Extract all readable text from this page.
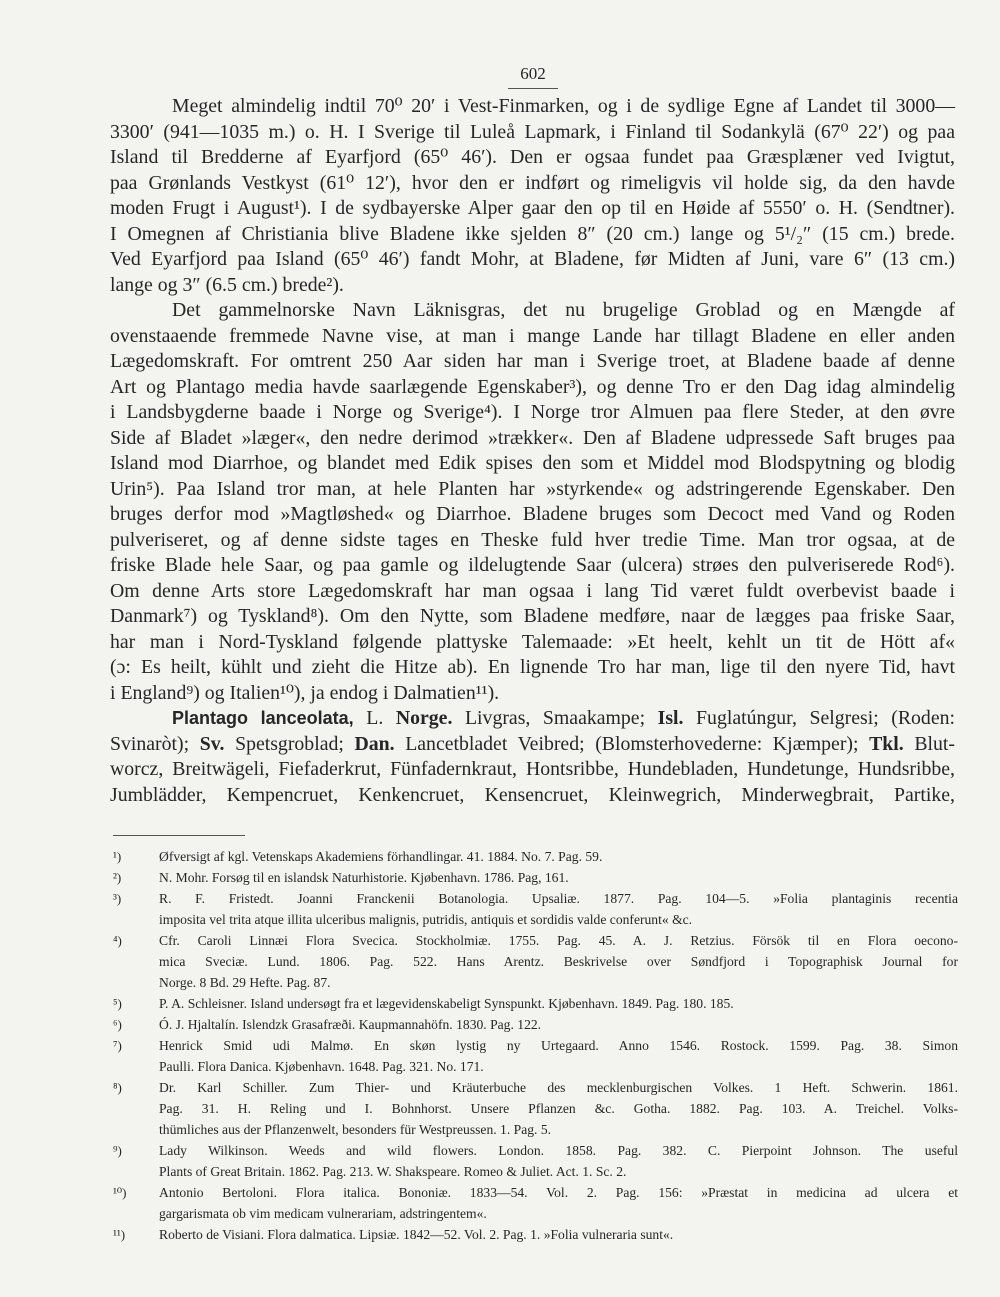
602
Meget almindelig indtil 70⁰ 20′ i Vest-Finmarken, og i de sydlige Egne af Landet til 3000—
3300′ (941—1035 m.) o. H. I Sverige til Luleå Lapmark, i Finland til Sodankylä (67⁰ 22′) og paa
Island til Bredderne af Eyarfjord (65⁰ 46′). Den er ogsaa fundet paa Græsplæner ved Ivigtut,
paa Grønlands Vestkyst (61⁰ 12′), hvor den er indført og rimeligvis vil holde sig, da den havde
moden Frugt i August¹). I de sydbayerske Alper gaar den op til en Høide af 5550′ o. H. (Sendtner).
I Omegnen af Christiania blive Bladene ikke sjelden 8″ (20 cm.) lange og 5¹/₂″ (15 cm.) brede.
Ved Eyarfjord paa Island (65⁰ 46′) fandt Mohr, at Bladene, før Midten af Juni, vare 6″ (13 cm.)
lange og 3″ (6.5 cm.) brede²).
Det gammelnorske Navn Läknisgras, det nu brugelige Groblad og en Mængde af
ovenstaaende fremmede Navne vise, at man i mange Lande har tillagt Bladene en eller anden
Lægedomskraft. For omtrent 250 Aar siden har man i Sverige troet, at Bladene baade af denne
Art og Plantago media havde saarlægende Egenskaber³), og denne Tro er den Dag idag almindelig
i Landsbygderne baade i Norge og Sverige⁴). I Norge tror Almuen paa flere Steder, at den øvre
Side af Bladet »læger«, den nedre derimod »trækker«. Den af Bladene udpressede Saft bruges paa
Island mod Diarrhoe, og blandet med Edik spises den som et Middel mod Blodspytning og blodig
Urin⁵). Paa Island tror man, at hele Planten har »styrkende« og adstringerende Egenskaber. Den
bruges derfor mod »Magtløshed« og Diarrhoe. Bladene bruges som Decoct med Vand og Roden
pulveriseret, og af denne sidste tages en Theske fuld hver tredie Time. Man tror ogsaa, at de
friske Blade hele Saar, og paa gamle og ildelugtende Saar (ulcera) strøes den pulveriserede Rod⁶).
Om denne Arts store Lægedomskraft har man ogsaa i lang Tid været fuldt overbevist baade i
Danmark⁷) og Tyskland⁸). Om den Nytte, som Bladene medføre, naar de lægges paa friske Saar,
har man i Nord-Tyskland følgende plattyske Talemaade: »Et heelt, kehlt un tit de Hött af«
(ɔ: Es heilt, kühlt und zieht die Hitze ab). En lignende Tro har man, lige til den nyere Tid, havt
i England⁹) og Italien¹⁰), ja endog i Dalmatien¹¹).
Plantago lanceolata, L. Norge. Livgras, Smaakampe; Isl. Fuglatúngur, Selgresi; (Roden:
Svinaròt); Sv. Spetsgroblad; Dan. Lancetbladet Veibred; (Blomsterhovederne: Kjæmper); Tkl. Blut-
worcz, Breitwägeli, Fiefaderkrut, Fünfadernkraut, Hontsribbe, Hundebladen, Hundetunge, Hundsribbe,
Jumblädder, Kempencruet, Kenkencruet, Kensencruet, Kleinwegrich, Minderwegbrait, Partike,
¹)	Øfversigt af kgl. Vetenskaps Akademiens förhandlingar. 41. 1884. No. 7. Pag. 59.
²)	N. Mohr. Forsøg til en islandsk Naturhistorie. Kjøbenhavn. 1786. Pag, 161.
³)	R. F. Fristedt. Joanni Franckenii Botanologia. Upsaliæ. 1877. Pag. 104—5. »Folia plantaginis recentia
imposita vel trita atque illita ulceribus malignis, putridis, antiquis et sordidis valde conferunt« &c.
⁴)	Cfr. Caroli Linnæi Flora Svecica. Stockholmiæ. 1755. Pag. 45. A. J. Retzius. Försök til en Flora oecono-
mica Sveciæ. Lund. 1806. Pag. 522. Hans Arentz. Beskrivelse over Søndfjord i Topographisk Journal for
Norge. 8 Bd. 29 Hefte. Pag. 87.
⁵)	P. A. Schleisner. Island undersøgt fra et lægevidenskabeligt Synspunkt. Kjøbenhavn. 1849. Pag. 180. 185.
⁶)	Ó. J. Hjaltalín. Islendzk Grasafræði. Kaupmannahöfn. 1830. Pag. 122.
⁷)	Henrick Smid udi Malmø. En skøn lystig ny Urtegaard. Anno 1546. Rostock. 1599. Pag. 38. Simon
Paulli. Flora Danica. Kjøbenhavn. 1648. Pag. 321. No. 171.
⁸)	Dr. Karl Schiller. Zum Thier- und Kräuterbuche des mecklenburgischen Volkes. 1 Heft. Schwerin. 1861.
Pag. 31. H. Reling und I. Bohnhorst. Unsere Pflanzen &c. Gotha. 1882. Pag. 103. A. Treichel. Volks-
thümliches aus der Pflanzenwelt, besonders für Westpreussen. 1. Pag. 5.
⁹)	Lady Wilkinson. Weeds and wild flowers. London. 1858. Pag. 382. C. Pierpoint Johnson. The useful
Plants of Great Britain. 1862. Pag. 213. W. Shakspeare. Romeo & Juliet. Act. 1. Sc. 2.
¹⁰)	Antonio Bertoloni. Flora italica. Bononiæ. 1833—54. Vol. 2. Pag. 156: »Præstat in medicina ad ulcera et
gargarismata ob vim medicam vulnerariam, adstringentem«.
¹¹)	Roberto de Visiani. Flora dalmatica. Lipsiæ. 1842—52. Vol. 2. Pag. 1. »Folia vulneraria sunt«.
